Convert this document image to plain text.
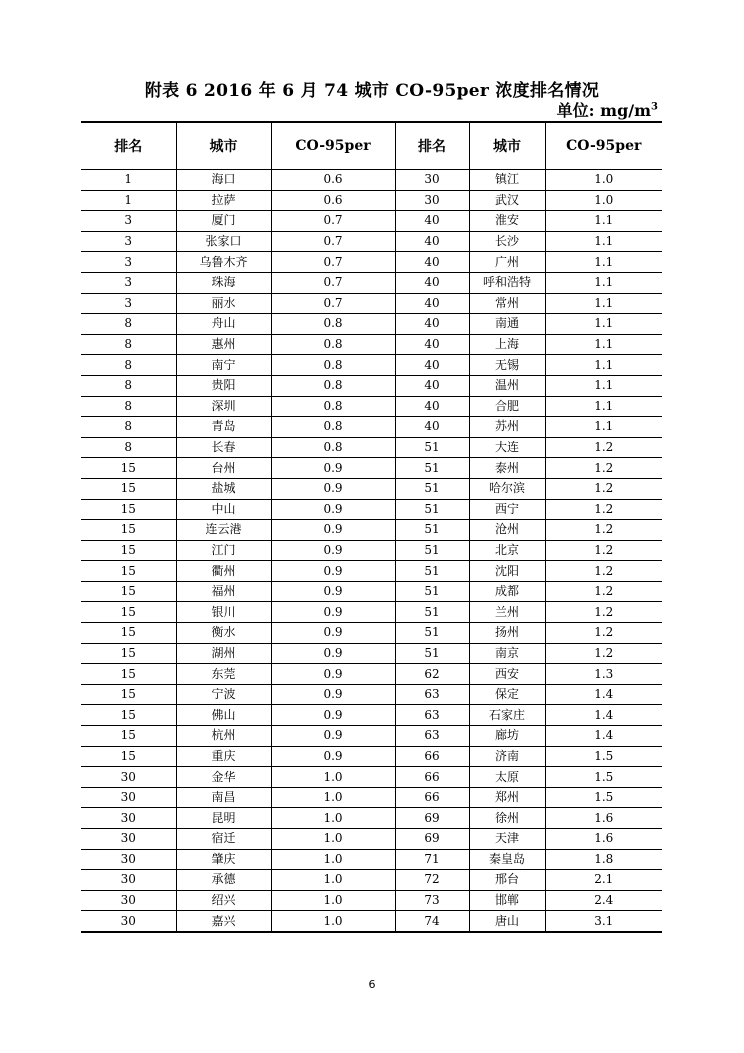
附表 6 2016 年 6 月 74 城市 CO-95per 浓度排名情况
单位: $mg/m^3$
排名	城市	CO-95per	排名	城市	CO-95per
1	海口	0.6	30	镇江	1.0
1	拉萨	0.6	30	武汉	1.0
3	厦门	0.7	40	淮安	1.1
3	张家口	0.7	40	长沙	1.1
3	乌鲁木齐	0.7	40	广州	1.1
3	珠海	0.7	40	呼和浩特	1.1
3	丽水	0.7	40	常州	1.1
8	舟山	0.8	40	南通	1.1
8	惠州	0.8	40	上海	1.1
8	南宁	0.8	40	无锡	1.1
8	贵阳	0.8	40	温州	1.1
8	深圳	0.8	40	合肥	1.1
8	青岛	0.8	40	苏州	1.1
8	长春	0.8	51	大连	1.2
15	台州	0.9	51	泰州	1.2
15	盐城	0.9	51	哈尔滨	1.2
15	中山	0.9	51	西宁	1.2
15	连云港	0.9	51	沧州	1.2
15	江门	0.9	51	北京	1.2
15	衢州	0.9	51	沈阳	1.2
15	福州	0.9	51	成都	1.2
15	银川	0.9	51	兰州	1.2
15	衡水	0.9	51	扬州	1.2
15	湖州	0.9	51	南京	1.2
15	东莞	0.9	62	西安	1.3
15	宁波	0.9	63	保定	1.4
15	佛山	0.9	63	石家庄	1.4
15	杭州	0.9	63	廊坊	1.4
15	重庆	0.9	66	济南	1.5
30	金华	1.0	66	太原	1.5
30	南昌	1.0	66	郑州	1.5
30	昆明	1.0	69	徐州	1.6
30	宿迁	1.0	69	天津	1.6
30	肇庆	1.0	71	秦皇岛	1.8
30	承德	1.0	72	邢台	2.1
30	绍兴	1.0	73	邯郸	2.4
30	嘉兴	1.0	74	唐山	3.1
6
